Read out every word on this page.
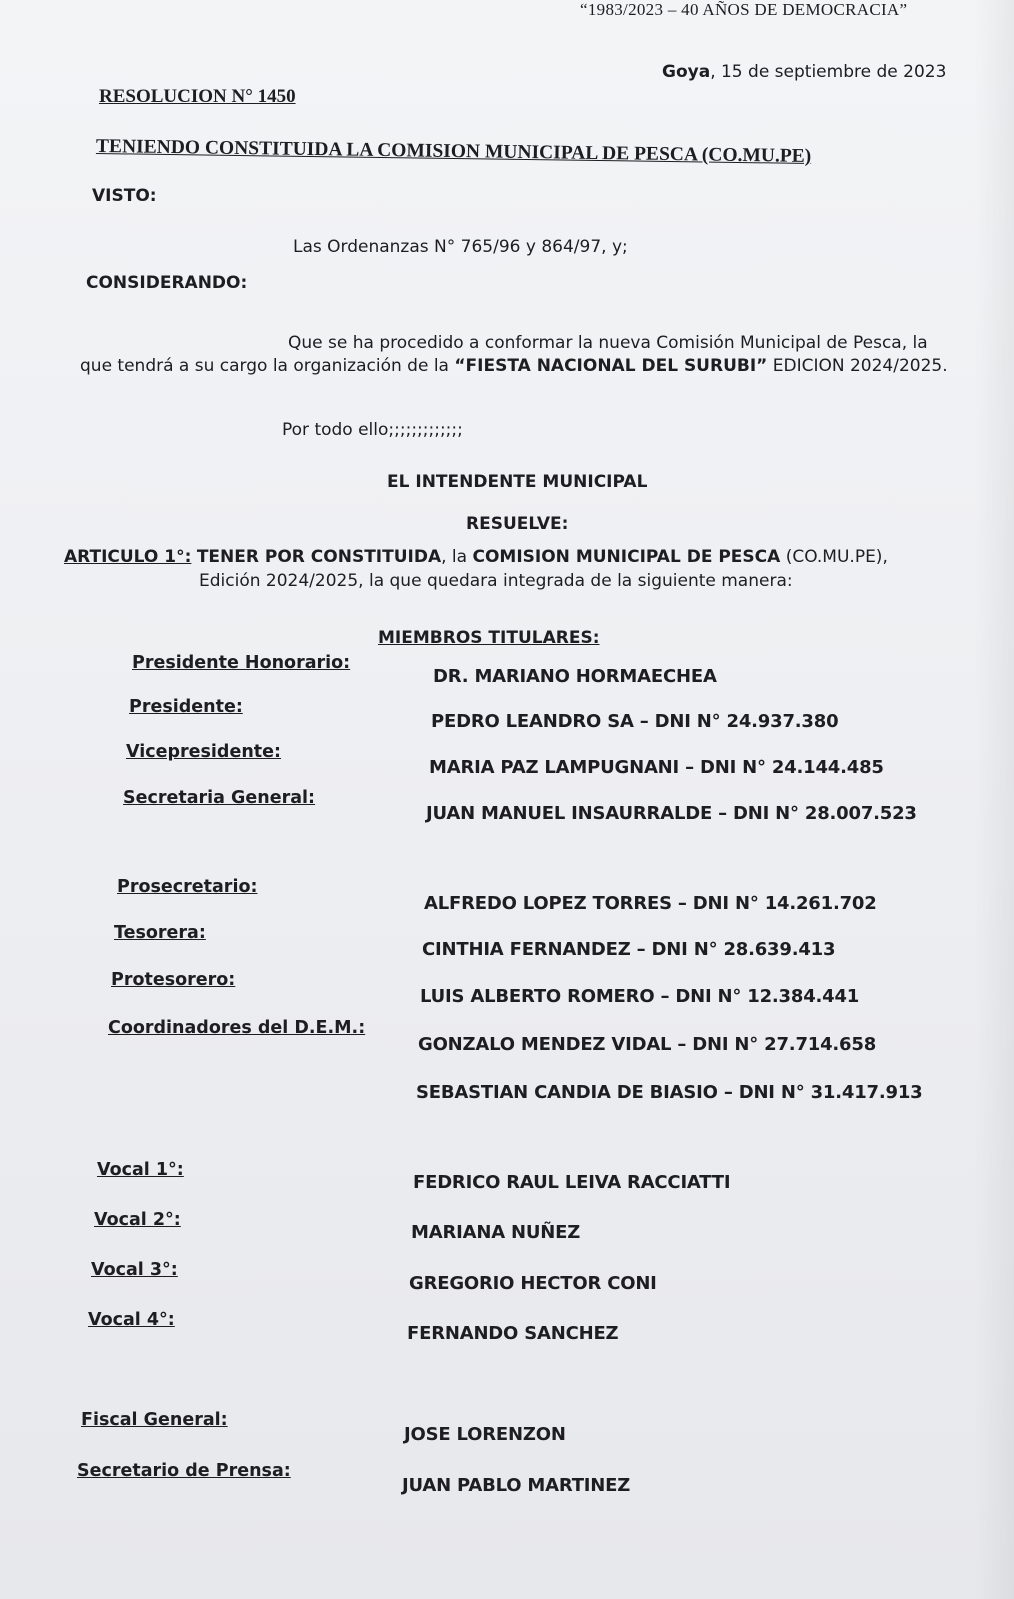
“1983/2023 – 40 AÑOS DE DEMOCRACIA”
Goya, 15 de septiembre de 2023
RESOLUCION N° 1450
TENIENDO CONSTITUIDA LA COMISION MUNICIPAL DE PESCA (CO.MU.PE)
VISTO:
Las Ordenanzas N° 765/96 y 864/97, y;
CONSIDERANDO:
Que se ha procedido a conformar la nueva Comisión Municipal de Pesca, la que tendrá a su cargo la organización de la “FIESTA NACIONAL DEL SURUBI” EDICION 2024/2025.
Por todo ello;;;;;;;;;;;;;
EL INTENDENTE MUNICIPAL
RESUELVE:
ARTICULO 1°: TENER POR CONSTITUIDA, la COMISION MUNICIPAL DE PESCA (CO.MU.PE),
Edición 2024/2025, la que quedara integrada de la siguiente manera:
MIEMBROS TITULARES:
Presidente Honorario:
DR. MARIANO HORMAECHEA
Presidente:
PEDRO LEANDRO SA – DNI N° 24.937.380
Vicepresidente:
MARIA PAZ LAMPUGNANI – DNI N° 24.144.485
Secretaria General:
JUAN MANUEL INSAURRALDE – DNI N° 28.007.523
Prosecretario:
ALFREDO LOPEZ TORRES – DNI N° 14.261.702
Tesorera:
CINTHIA FERNANDEZ – DNI N° 28.639.413
Protesorero:
LUIS ALBERTO ROMERO – DNI N° 12.384.441
Coordinadores del D.E.M.:
GONZALO MENDEZ VIDAL – DNI N° 27.714.658
SEBASTIAN CANDIA DE BIASIO – DNI N° 31.417.913
Vocal 1°:
FEDRICO RAUL LEIVA RACCIATTI
Vocal 2°:
MARIANA NUÑEZ
Vocal 3°:
GREGORIO HECTOR CONI
Vocal 4°:
FERNANDO SANCHEZ
Fiscal General:
JOSE LORENZON
Secretario de Prensa:
JUAN PABLO MARTINEZ
